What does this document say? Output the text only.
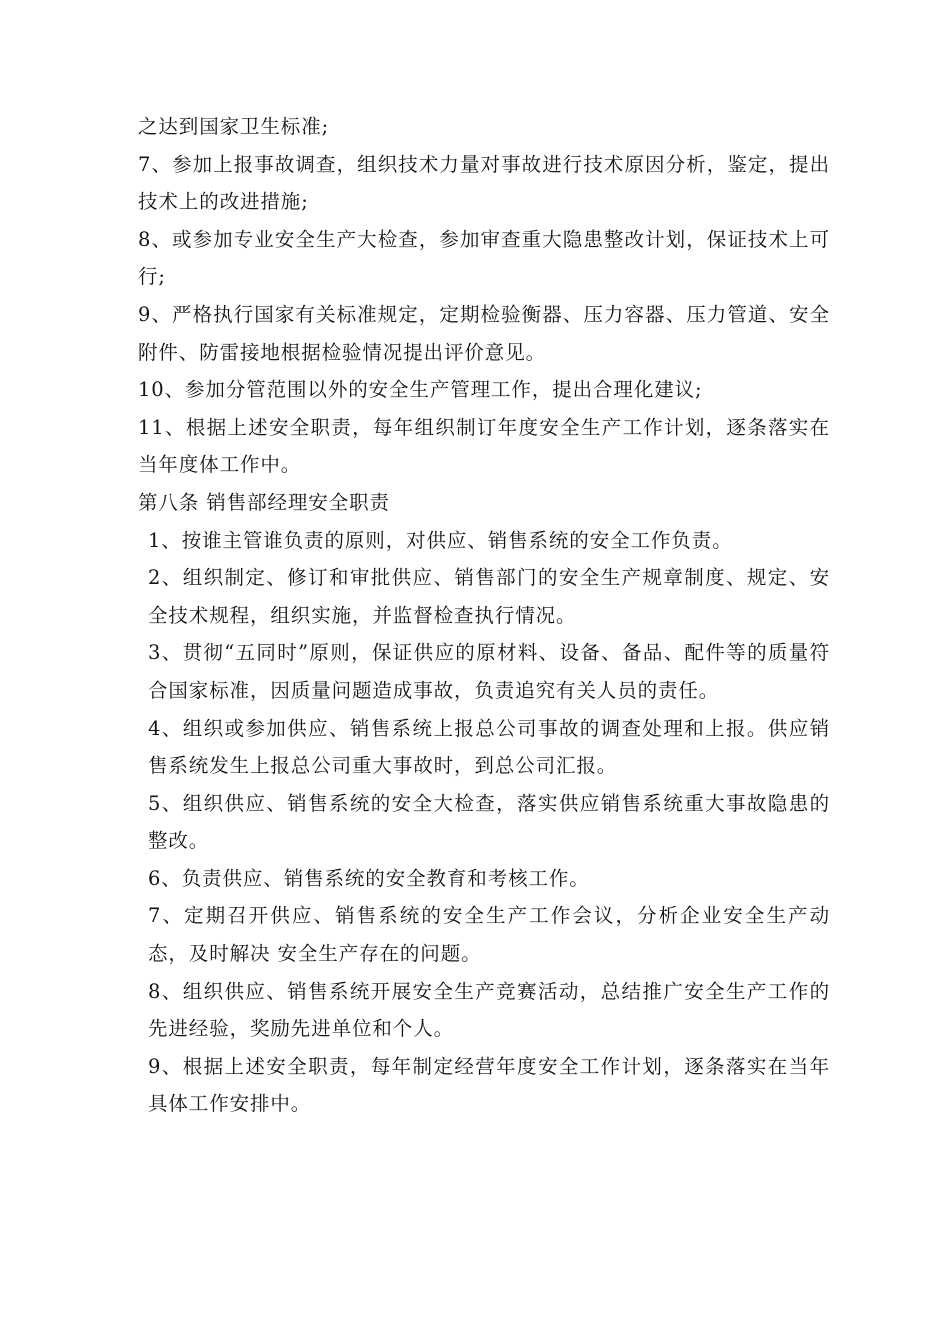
之达到国家卫生标准;

7、参加上报事故调查，组织技术力量对事故进行技术原因分析，鉴定，提出技术上的改进措施;

8、或参加专业安全生产大检查，参加审查重大隐患整改计划，保证技术上可行;

9、严格执行国家有关标准规定，定期检验衡器、压力容器、压力管道、安全附件、防雷接地根据检验情况提出评价意见。

10、参加分管范围以外的安全生产管理工作，提出合理化建议;

11、根据上述安全职责，每年组织制订年度安全生产工作计划，逐条落实在当年度体工作中。

第八条 销售部经理安全职责

1、按谁主管谁负责的原则，对供应、销售系统的安全工作负责。

2、组织制定、修订和审批供应、销售部门的安全生产规章制度、规定、安全技术规程，组织实施，并监督检查执行情况。

3、贯彻“五同时”原则，保证供应的原材料、设备、备品、配件等的质量符合国家标准，因质量问题造成事故，负责追究有关人员的责任。

4、组织或参加供应、销售系统上报总公司事故的调查处理和上报。供应销售系统发生上报总公司重大事故时，到总公司汇报。

5、组织供应、销售系统的安全大检查，落实供应销售系统重大事故隐患的整改。

6、负责供应、销售系统的安全教育和考核工作。

7、定期召开供应、销售系统的安全生产工作会议，分析企业安全生产动态，及时解决 安全生产存在的问题。

8、组织供应、销售系统开展安全生产竞赛活动，总结推广安全生产工作的先进经验，奖励先进单位和个人。

9、根据上述安全职责，每年制定经营年度安全工作计划，逐条落实在当年具体工作安排中。
